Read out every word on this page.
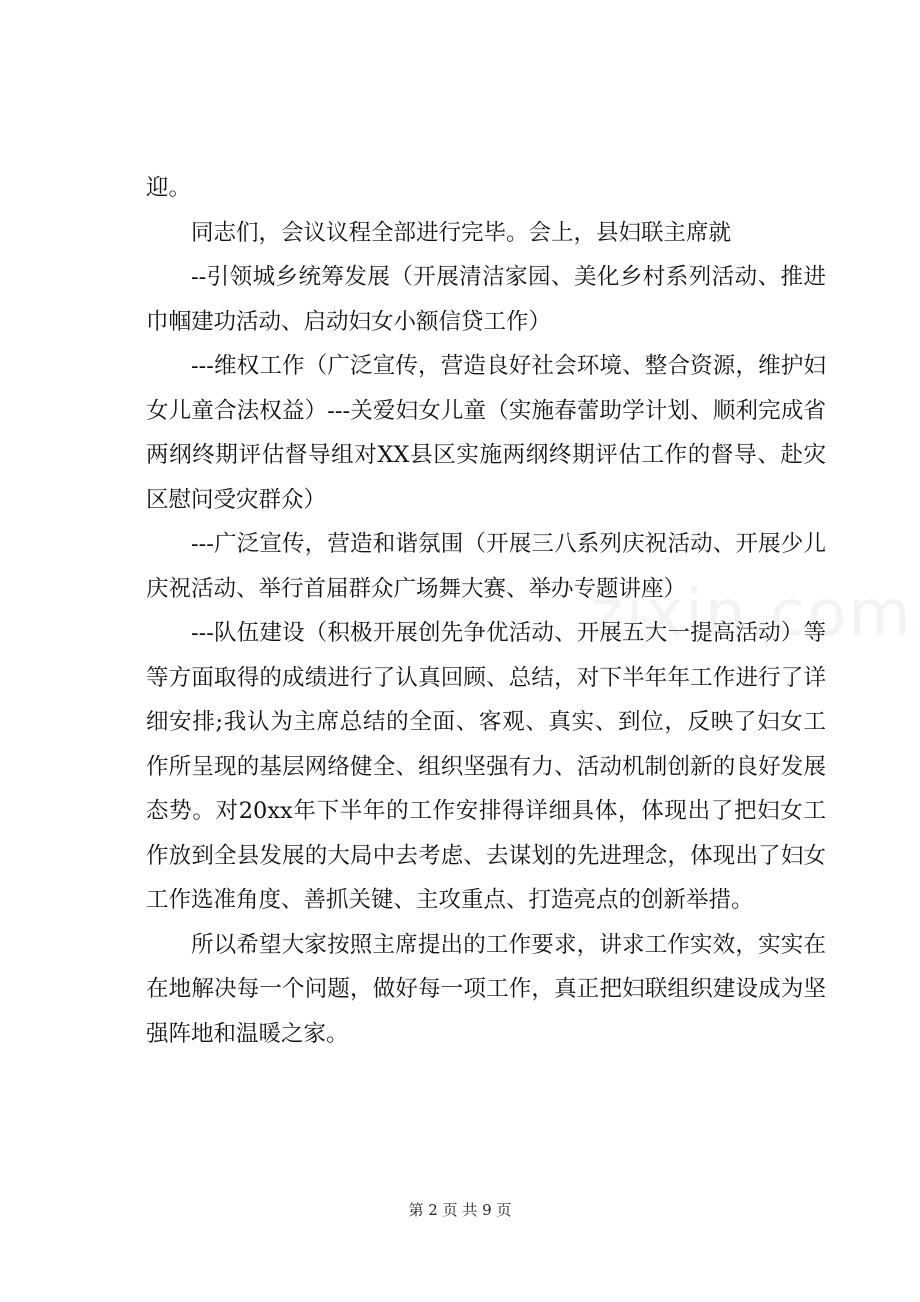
迎。

同志们，会议议程全部进行完毕。会上，县妇联主席就

--引领城乡统筹发展（开展清洁家园、美化乡村系列活动、推进巾帼建功活动、启动妇女小额信贷工作）

---维权工作（广泛宣传，营造良好社会环境、整合资源，维护妇女儿童合法权益）---关爱妇女儿童（实施春蕾助学计划、顺利完成省两纲终期评估督导组对XX县区实施两纲终期评估工作的督导、赴灾区慰问受灾群众）

---广泛宣传，营造和谐氛围（开展三八系列庆祝活动、开展少儿庆祝活动、举行首届群众广场舞大赛、举办专题讲座）

---队伍建设（积极开展创先争优活动、开展五大一提高活动）等等方面取得的成绩进行了认真回顾、总结，对下半年年工作进行了详细安排;我认为主席总结的全面、客观、真实、到位，反映了妇女工作所呈现的基层网络健全、组织坚强有力、活动机制创新的良好发展态势。对20xx年下半年的工作安排得详细具体，体现出了把妇女工作放到全县发展的大局中去考虑、去谋划的先进理念，体现出了妇女工作选准角度、善抓关键、主攻重点、打造亮点的创新举措。

所以希望大家按照主席提出的工作要求，讲求工作实效，实实在在地解决每一个问题，做好每一项工作，真正把妇联组织建设成为坚强阵地和温暖之家。

第 2 页 共 9 页
